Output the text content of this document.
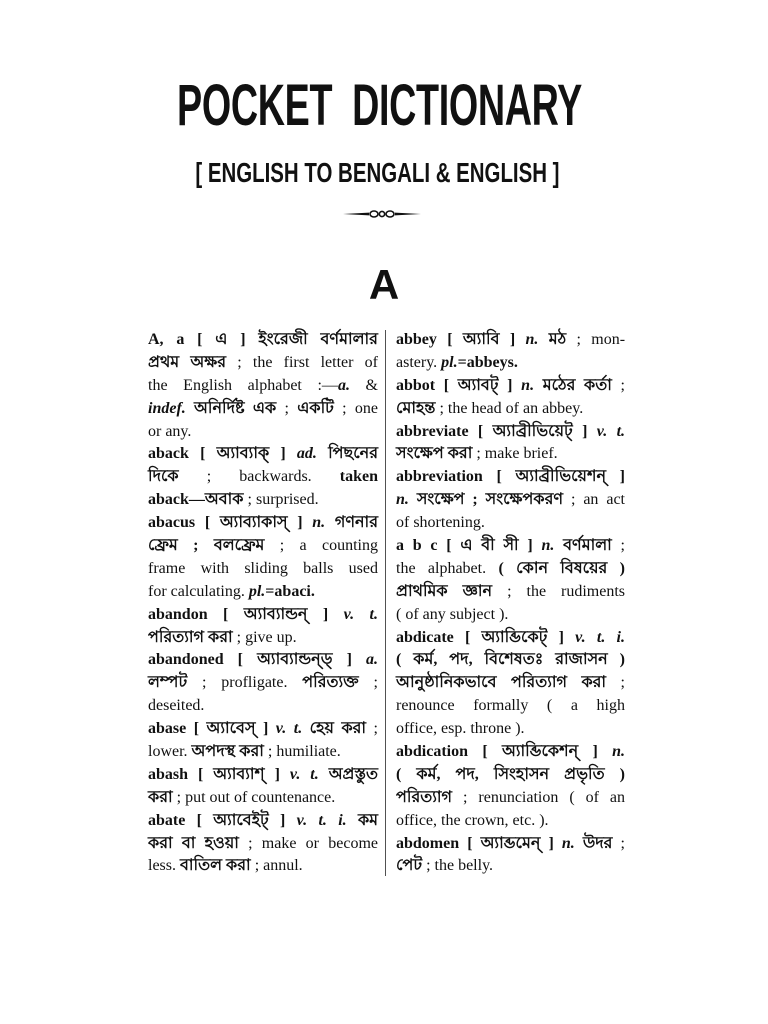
POCKET DICTIONARY
[ ENGLISH TO BENGALI & ENGLISH ]
A
A, a [ এ ] ইংরেজী বর্ণমালার
প্রথম অক্ষর ; the first letter of
the English alphabet :—a. &
indef. অনির্দিষ্ট এক ; একটি ; one
or any.
aback [ অ্যাব্যাক্ ] ad. পিছনের
দিকে ; backwards. taken
aback—অবাক ; surprised.
abacus [ অ্যাব্যাকাস্ ] n. গণনার
ফ্রেম ; বলফ্রেম ; a counting
frame with sliding balls used
for calculating. pl.=abaci.
abandon [ অ্যাব্যান্ডন্ ] v. t.
পরিত্যাগ করা ; give up.
abandoned [ অ্যাব্যান্ডন্ড্ ] a.
লম্পট ; profligate. পরিত্যক্ত ;
deseited.
abase [ অ্যাবেস্ ] v. t. হেয় করা ;
lower. অপদস্থ করা ; humiliate.
abash [ অ্যাব্যাশ্ ] v. t. অপ্রস্তুত
করা ; put out of countenance.
abate [ অ্যাবেইট্ ] v. t. i. কম
করা বা হওয়া ; make or become
less. বাতিল করা ; annul.
abbey [ অ্যাবি ] n. মঠ ; mon-
astery. pl.=abbeys.
abbot [ অ্যাবট্ ] n. মঠের কর্তা ;
মোহন্ত ; the head of an abbey.
abbreviate [ অ্যাব্রীভিয়েট্ ] v. t.
সংক্ষেপ করা ; make brief.
abbreviation [ অ্যাব্রীভিয়েশন্ ]
n. সংক্ষেপ ; সংক্ষেপকরণ ; an act
of shortening.
a b c [ এ বী সী ] n. বর্ণমালা ;
the alphabet. ( কোন বিষয়ের )
প্রাথমিক জ্ঞান ; the rudiments
( of any subject ).
abdicate [ অ্যাব্ডিকেট্ ] v. t. i.
( কর্ম, পদ, বিশেষতঃ রাজাসন )
আনুষ্ঠানিকভাবে পরিত্যাগ করা ;
renounce formally ( a high
office, esp. throne ).
abdication [ অ্যাব্ডিকেশন্ ] n.
( কর্ম, পদ, সিংহাসন প্রভৃতি )
পরিত্যাগ ; renunciation ( of an
office, the crown, etc. ).
abdomen [ অ্যাব্ডমেন্ ] n. উদর ;
পেট ; the belly.
